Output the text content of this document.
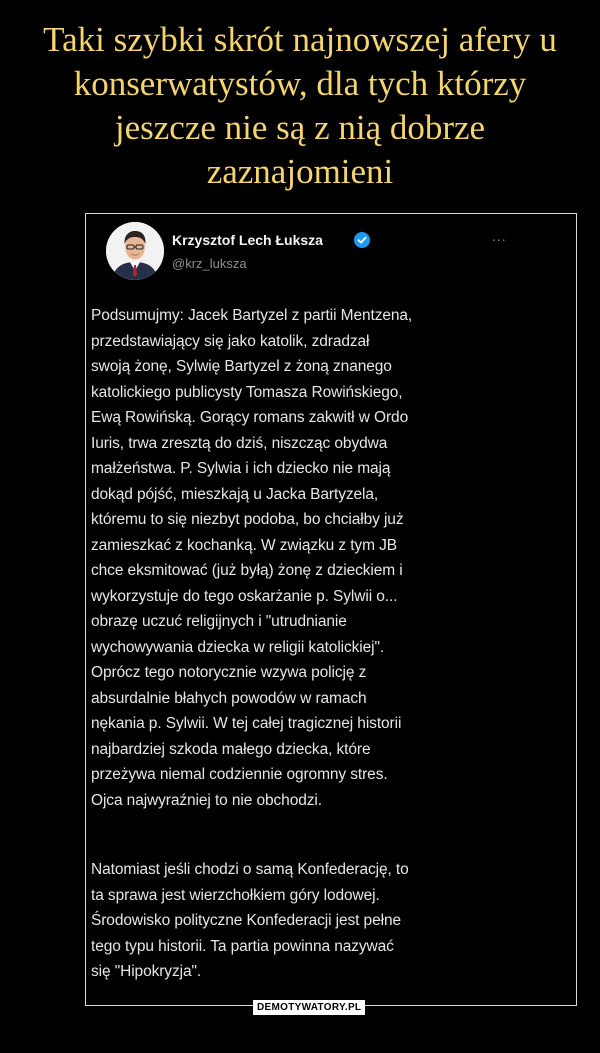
Taki szybki skrót najnowszej afery u
konserwatystów, dla tych którzy
jeszcze nie są z nią dobrze
zaznajomieni
Krzysztof Lech Łuksza
@krz_luksza
...
Podsumujmy: Jacek Bartyzel z partii Mentzena,
przedstawiający się jako katolik, zdradzał
swoją żonę, Sylwię Bartyzel z żoną znanego
katolickiego publicysty Tomasza Rowińskiego,
Ewą Rowińską. Gorący romans zakwitł w Ordo
Iuris, trwa zresztą do dziś, niszcząc obydwa
małżeństwa. P. Sylwia i ich dziecko nie mają
dokąd pójść, mieszkają u Jacka Bartyzela,
któremu to się niezbyt podoba, bo chciałby już
zamieszkać z kochanką. W związku z tym JB
chce eksmitować (już byłą) żonę z dzieckiem i
wykorzystuje do tego oskarżanie p. Sylwii o...
obrazę uczuć religijnych i "utrudnianie
wychowywania dziecka w religii katolickiej".
Oprócz tego notorycznie wzywa policję z
absurdalnie błahych powodów w ramach
nękania p. Sylwii. W tej całej tragicznej historii
najbardziej szkoda małego dziecka, które
przeżywa niemal codziennie ogromny stres.
Ojca najwyraźniej to nie obchodzi.
Natomiast jeśli chodzi o samą Konfederację, to
ta sprawa jest wierzchołkiem góry lodowej.
Środowisko polityczne Konfederacji jest pełne
tego typu historii. Ta partia powinna nazywać
się "Hipokryzja".
DEMOTYWATORY.PL
